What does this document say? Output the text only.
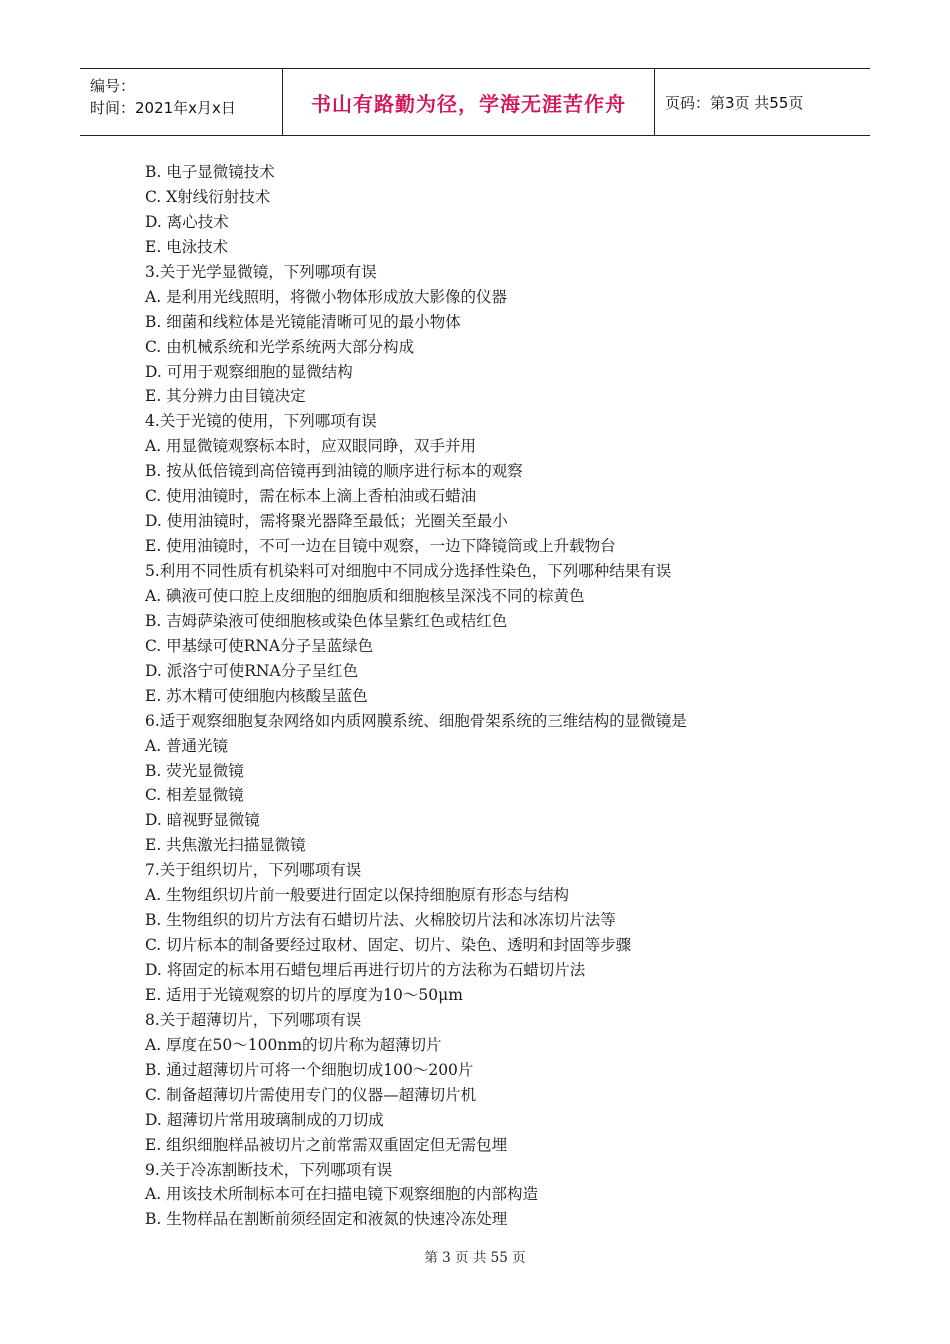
编号：
时间：2021年x月x日	书山有路勤为径，学海无涯苦作舟	页码：第3页 共55页
B. 电子显微镜技术
C. X射线衍射技术
D. 离心技术
E. 电泳技术
3.关于光学显微镜，下列哪项有误
A. 是利用光线照明，将微小物体形成放大影像的仪器
B. 细菌和线粒体是光镜能清晰可见的最小物体
C. 由机械系统和光学系统两大部分构成
D. 可用于观察细胞的显微结构
E. 其分辨力由目镜决定
4.关于光镜的使用，下列哪项有误
A. 用显微镜观察标本时，应双眼同睁，双手并用
B. 按从低倍镜到高倍镜再到油镜的顺序进行标本的观察
C. 使用油镜时，需在标本上滴上香柏油或石蜡油
D. 使用油镜时，需将聚光器降至最低；光圈关至最小
E. 使用油镜时，不可一边在目镜中观察，一边下降镜筒或上升载物台
5.利用不同性质有机染料可对细胞中不同成分选择性染色，下列哪种结果有误
A. 碘液可使口腔上皮细胞的细胞质和细胞核呈深浅不同的棕黄色
B. 吉姆萨染液可使细胞核或染色体呈紫红色或桔红色
C. 甲基绿可使RNA分子呈蓝绿色
D. 派洛宁可使RNA分子呈红色
E. 苏木精可使细胞内核酸呈蓝色
6.适于观察细胞复杂网络如内质网膜系统、细胞骨架系统的三维结构的显微镜是
A. 普通光镜
B. 荧光显微镜
C. 相差显微镜
D. 暗视野显微镜
E. 共焦激光扫描显微镜
7.关于组织切片，下列哪项有误
A. 生物组织切片前一般要进行固定以保持细胞原有形态与结构
B. 生物组织的切片方法有石蜡切片法、火棉胶切片法和冰冻切片法等
C. 切片标本的制备要经过取材、固定、切片、染色、透明和封固等步骤
D. 将固定的标本用石蜡包埋后再进行切片的方法称为石蜡切片法
E. 适用于光镜观察的切片的厚度为10～50μm
8.关于超薄切片，下列哪项有误
A. 厚度在50～100nm的切片称为超薄切片
B. 通过超薄切片可将一个细胞切成100～200片
C. 制备超薄切片需使用专门的仪器—超薄切片机
D. 超薄切片常用玻璃制成的刀切成
E. 组织细胞样品被切片之前常需双重固定但无需包埋
9.关于冷冻割断技术，下列哪项有误
A. 用该技术所制标本可在扫描电镜下观察细胞的内部构造
B. 生物样品在割断前须经固定和液氮的快速冷冻处理
第 3 页 共 55 页
